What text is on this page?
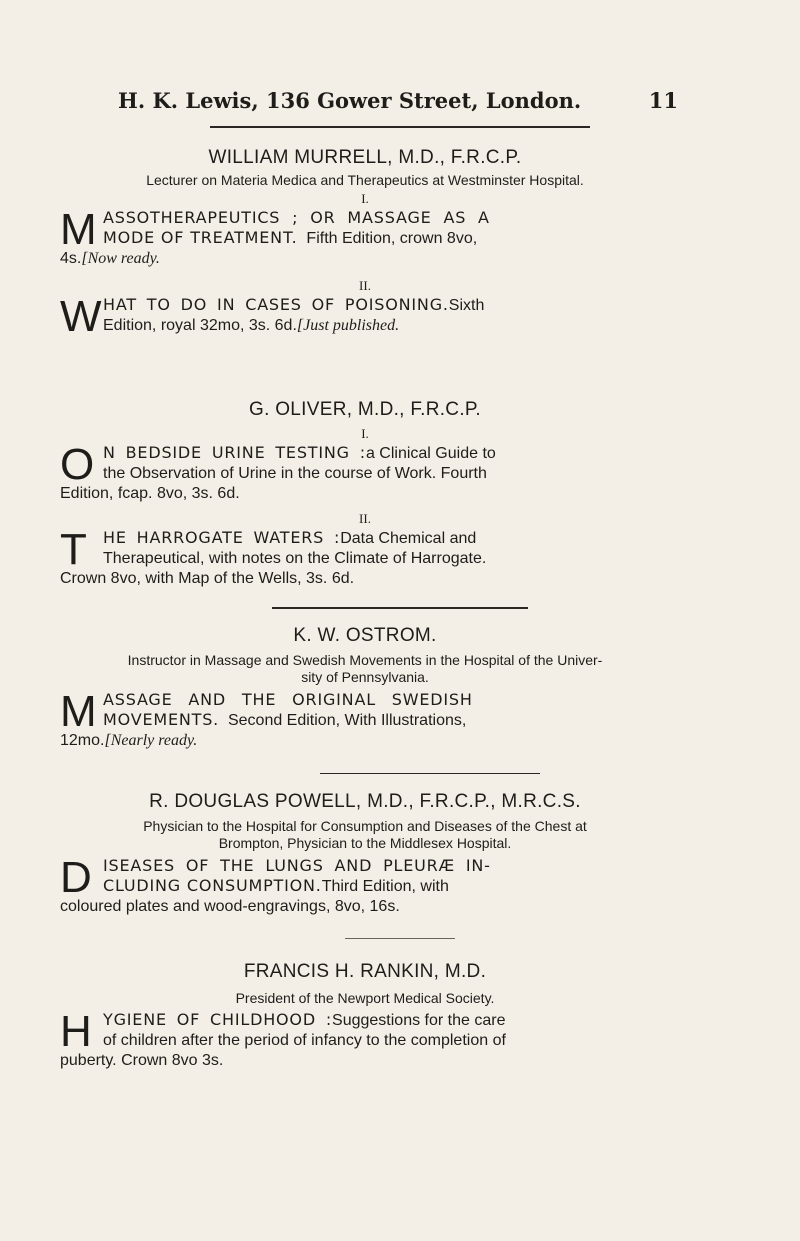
H. K. Lewis, 136 Gower Street, London.	11
WILLIAM MURRELL, M.D., F.R.C.P.
Lecturer on Materia Medica and Therapeutics at Westminster Hospital.
I.
M ASSOTHERAPEUTICS ; OR MASSAGE AS A
MODE OF TREATMENT. Fifth Edition, crown 8vo,
4s.[Now ready.
II.
W HAT TO DO IN CASES OF POISONING.Sixth
Edition, royal 32mo, 3s. 6d.[Just published.
G. OLIVER, M.D., F.R.C.P.
I.
O N BEDSIDE URINE TESTING :a Clinical Guide to
the Observation of Urine in the course of Work. Fourth
Edition, fcap. 8vo, 3s. 6d.
II.
T	HE HARROGATE WATERS :Data Chemical and
Therapeutical, with notes on the Climate of Harrogate.
Crown 8vo, with Map of the Wells, 3s. 6d.
K. W. OSTROM.
Instructor in Massage and Swedish Movements in the Hospital of the Univer-
sity of Pennsylvania.
M ASSAGE AND THE ORIGINAL SWEDISH
MOVEMENTS. Second Edition, With Illustrations,
12mo.[Nearly ready.
R. DOUGLAS POWELL, M.D., F.R.C.P., M.R.C.S.
Physician to the Hospital for Consumption and Diseases of the Chest at
Brompton, Physician to the Middlesex Hospital.
D ISEASES OF THE LUNGS AND PLEURÆ IN-
CLUDING CONSUMPTION.Third Edition, with
coloured plates and wood-engravings, 8vo, 16s.
FRANCIS H. RANKIN, M.D.
President of the Newport Medical Society.
H YGIENE OF CHILDHOOD :Suggestions for the care
of children after the period of infancy to the completion of
puberty. Crown 8vo 3s.
